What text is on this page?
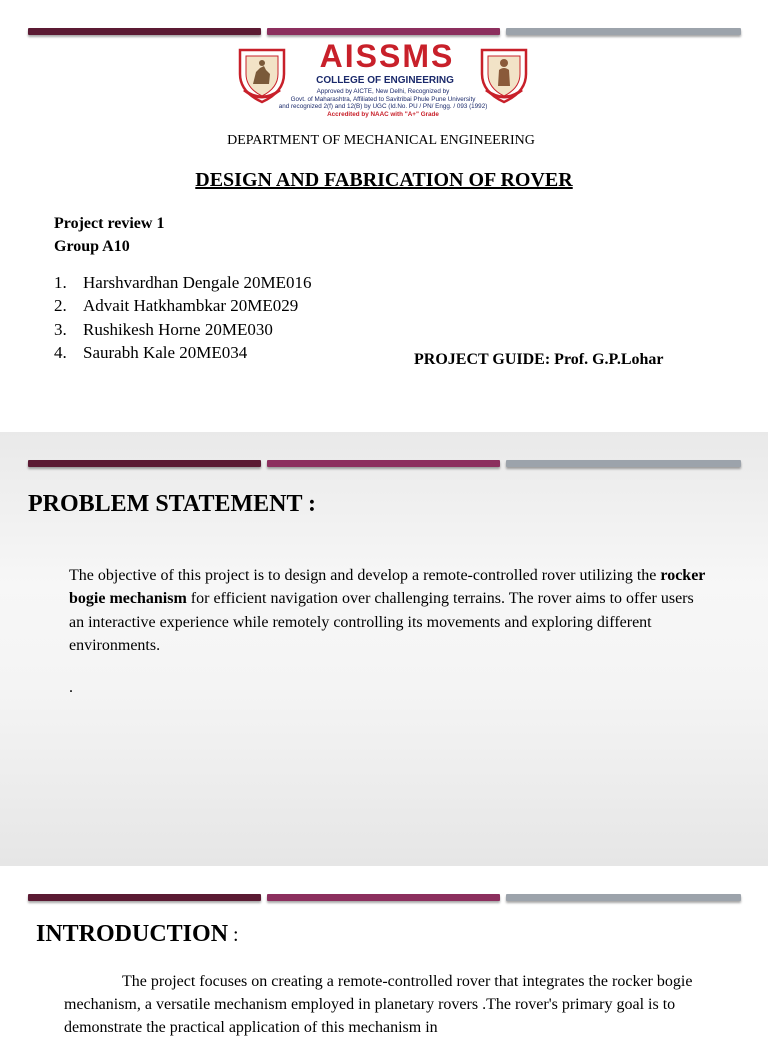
AISSMS
COLLEGE OF ENGINEERING
Approved by AICTE, New Delhi, Recognized by
Govt. of Maharashtra, Affiliated to Savitribai Phule Pune University
and recognized 2(f) and 12(B) by UGC (Id.No. PU / PN/ Engg. / 093 (1992)
Accredited by NAAC with "A+" Grade
DEPARTMENT OF MECHANICAL ENGINEERING
DESIGN AND FABRICATION OF ROVER
Project review 1
Group A10
1. Harshvardhan Dengale 20ME016
2. Advait Hatkhambkar 20ME029
3. Rushikesh Horne 20ME030
4. Saurabh Kale 20ME034	PROJECT GUIDE: Prof. G.P.Lohar
PROBLEM STATEMENT :
The objective of this project is to design and develop a remote-controlled rover utilizing the rocker bogie mechanism for efficient navigation over challenging terrains. The rover aims to offer users an interactive experience while remotely controlling its movements and exploring different environments.
.
INTRODUCTION :
The project focuses on creating a remote-controlled rover that integrates the rocker bogie mechanism, a versatile mechanism employed in planetary rovers .The rover's primary goal is to demonstrate the practical application of this mechanism in
